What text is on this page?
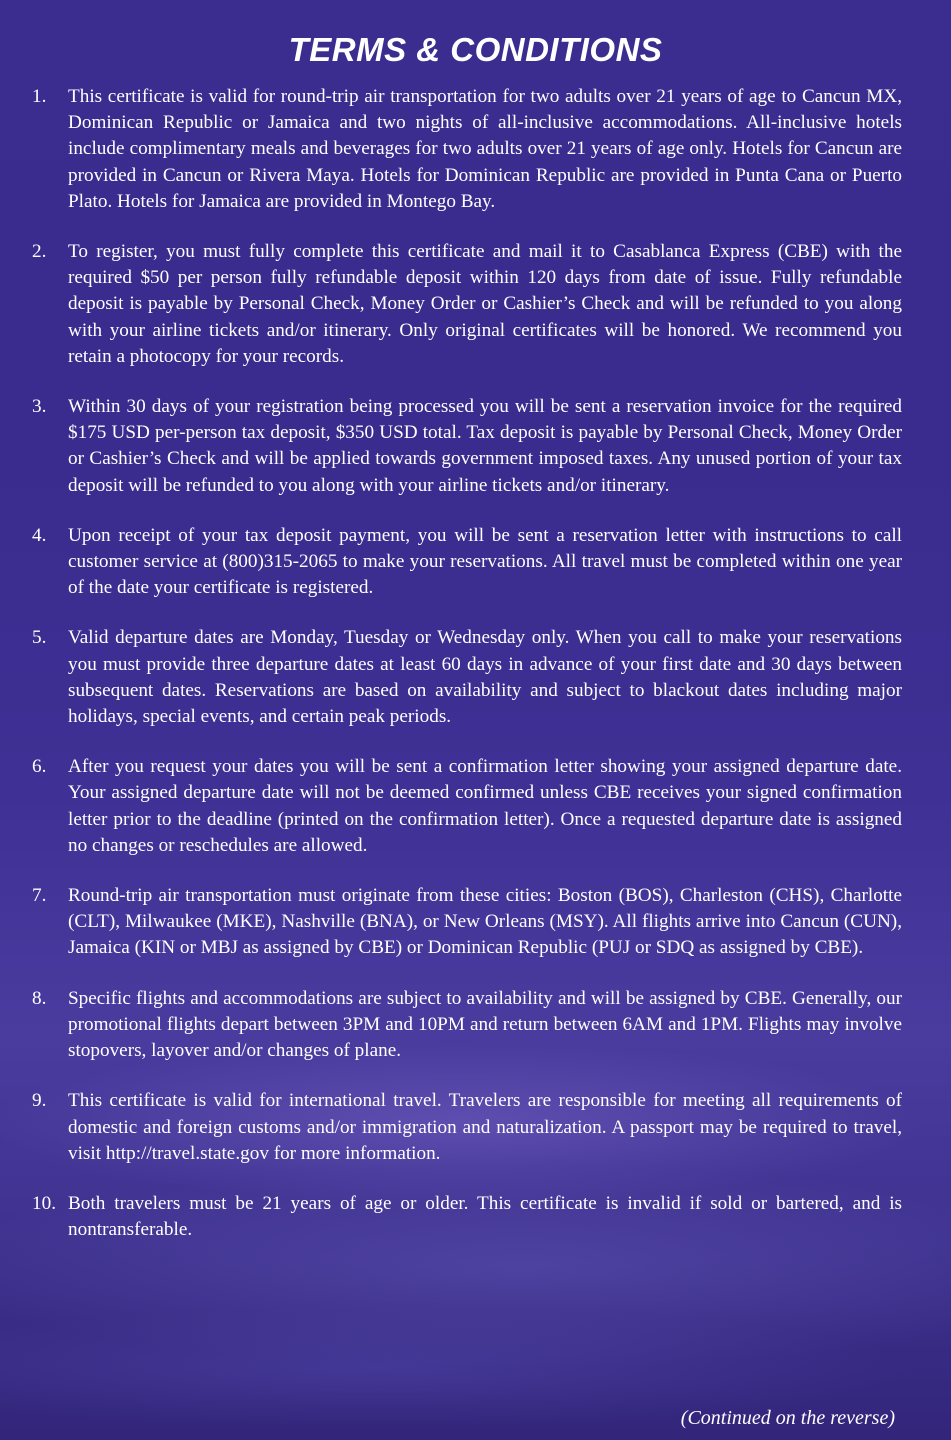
TERMS & CONDITIONS
1.	This certificate is valid for round-trip air transportation for two adults over 21 years of age to Cancun MX, Dominican Republic or Jamaica and two nights of all-inclusive accommodations. All-inclusive hotels include complimentary meals and beverages for two adults over 21 years of age only. Hotels for Cancun are provided in Cancun or Rivera Maya. Hotels for Dominican Republic are provided in Punta Cana or Puerto Plato. Hotels for Jamaica are provided in Montego Bay.
2.	To register, you must fully complete this certificate and mail it to Casablanca Express (CBE) with the required $50 per person fully refundable deposit within 120 days from date of issue. Fully refundable deposit is payable by Personal Check, Money Order or Cashier’s Check and will be refunded to you along with your airline tickets and/or itinerary. Only original certificates will be honored. We recommend you retain a photocopy for your records.
3.	Within 30 days of your registration being processed you will be sent a reservation invoice for the required $175 USD per-person tax deposit, $350 USD total. Tax deposit is payable by Personal Check, Money Order or Cashier’s Check and will be applied towards government imposed taxes. Any unused portion of your tax deposit will be refunded to you along with your airline tickets and/or itinerary.
4.	Upon receipt of your tax deposit payment, you will be sent a reservation letter with instructions to call customer service at (800)315-2065 to make your reservations. All travel must be completed within one year of the date your certificate is registered.
5.	Valid departure dates are Monday, Tuesday or Wednesday only. When you call to make your reservations you must provide three departure dates at least 60 days in advance of your first date and 30 days between subsequent dates. Reservations are based on availability and subject to blackout dates including major holidays, special events, and certain peak periods.
6.	After you request your dates you will be sent a confirmation letter showing your assigned departure date. Your assigned departure date will not be deemed confirmed unless CBE receives your signed confirmation letter prior to the deadline (printed on the confirmation letter). Once a requested departure date is assigned no changes or reschedules are allowed.
7.	Round-trip air transportation must originate from these cities: Boston (BOS), Charleston (CHS), Charlotte (CLT), Milwaukee (MKE), Nashville (BNA), or New Orleans (MSY). All flights arrive into Cancun (CUN), Jamaica (KIN or MBJ as assigned by CBE) or Dominican Republic (PUJ or SDQ as assigned by CBE).
8.	Specific flights and accommodations are subject to availability and will be assigned by CBE. Generally, our promotional flights depart between 3PM and 10PM and return between 6AM and 1PM. Flights may involve stopovers, layover and/or changes of plane.
9.	This certificate is valid for international travel. Travelers are responsible for meeting all requirements of domestic and foreign customs and/or immigration and naturalization. A passport may be required to travel, visit http://travel.state.gov for more information.
10. Both travelers must be 21 years of age or older. This certificate is invalid if sold or bartered, and is nontransferable.

(Continued on the reverse)
